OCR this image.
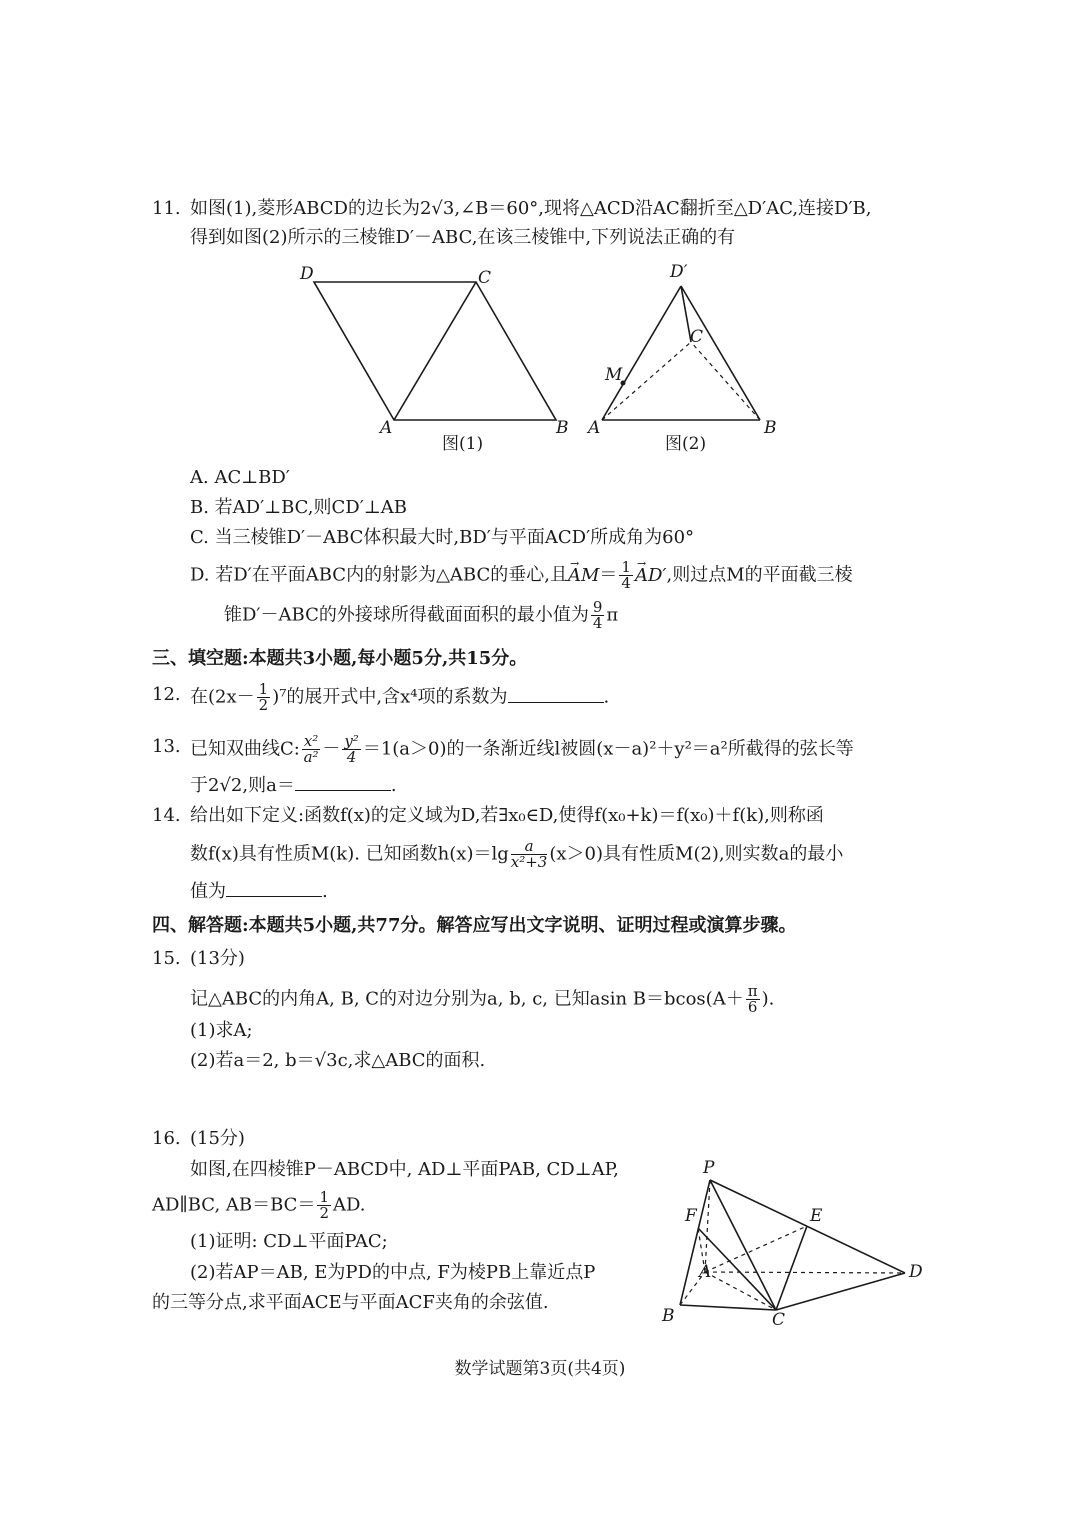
11. 如图(1),菱形ABCD的边长为2√3,∠B＝60°,现将△ACD沿AC翻折至△D′AC,连接D′B,
得到如图(2)所示的三棱锥D′－ABC,在该三棱锥中,下列说法正确的有
D	C
A	B
图(1)
D′
C
M
A	B
图(2)
A. AC⊥BD′
B. 若AD′⊥BC,则CD′⊥AB
C. 当三棱锥D′－ABC体积最大时,BD′与平面ACD′所成角为60°
D. 若D′在平面ABC内的射影为△ABC的垂心,且→ $AM= \frac{1}{4} \to AD'$,则过点M的平面截三棱
锥D′－ABC的外接球所得截面面积的最小值为 $\frac{9}{4}$ π
三、填空题:本题共3小题,每小题5分,共15分。
12. 在$(2x- \frac{1}{2} )^7$的展开式中,含x⁴项的系数为	.
13. 已知双曲线C: $\frac{\text{x²}}{\text{a²}} - \frac{\text{y²}}{4} =1(a>0)$的一条渐近线l被圆(x－a)²＋y²＝a²所截得的弦长等
于2√2,则a＝	.
14. 给出如下定义:函数f(x)的定义域为D,若∃x₀∈D,使得f(x₀+k)＝f(x₀)＋f(k),则称函
数f(x)具有性质M(k). 已知函数$h(x)=\lg \frac{a}{\text{x²+3}} (x>0)$具有性质M(2),则实数a的最小
值为	.
四、解答题:本题共5小题,共77分。解答应写出文字说明、证明过程或演算步骤。
15. (13分)
记△ABC的内角A, B, C的对边分别为a, b, c, 已知asin $B=bcos(A+ \frac{\pi}{6}$ ).
(1)求A;
(2)若a＝2, b＝√3c,求△ABC的面积.
16. (15分)
如图,在四棱锥P－ABCD中, AD⊥平面PAB, CD⊥AP,
AD∥BC, $AB=BC= \frac{1}{2}$ AD.
(1)证明: CD⊥平面PAC;
(2)若AP＝AB, E为PD的中点, F为棱PB上靠近点P
的三等分点,求平面ACE与平面ACF夹角的余弦值.
P
F	E
A	D
B	C
数学试题第3页(共4页)
